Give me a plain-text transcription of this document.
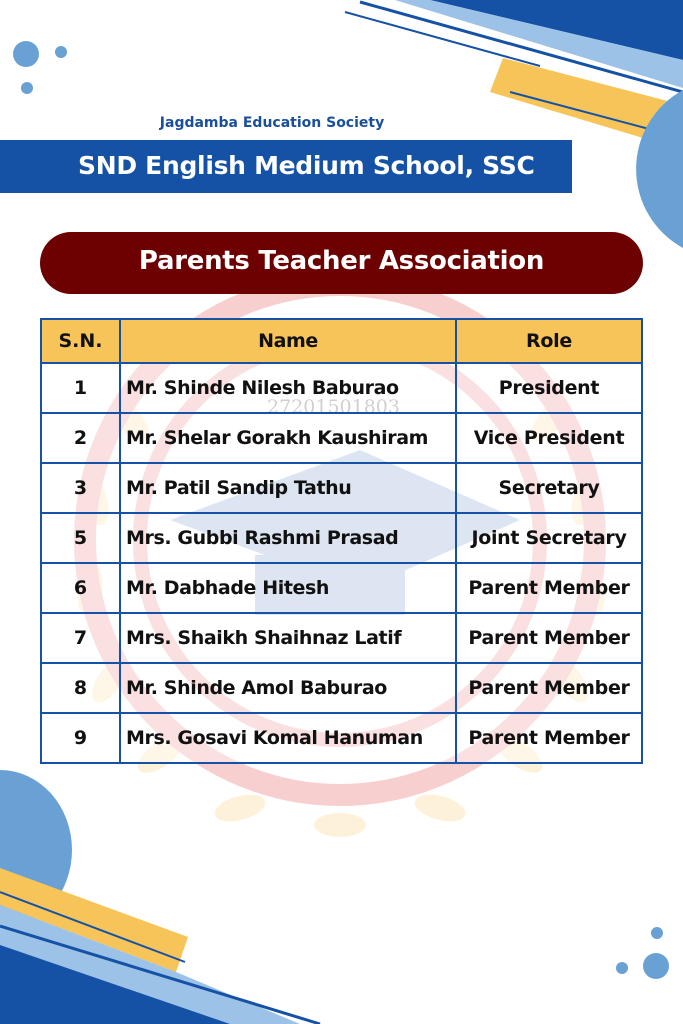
Jagdamba Education Society
SND English Medium School, SSC
Parents Teacher Association
27201501803
S.N.	Name	Role
1	Mr. Shinde Nilesh Baburao	President
2	Mr. Shelar Gorakh Kaushiram	Vice President
3	Mr. Patil Sandip Tathu	Secretary
5	Mrs. Gubbi Rashmi Prasad	Joint Secretary
6	Mr. Dabhade Hitesh	Parent Member
7	Mrs. Shaikh Shaihnaz Latif	Parent Member
8	Mr. Shinde Amol Baburao	Parent Member
9	Mrs. Gosavi Komal Hanuman	Parent Member
